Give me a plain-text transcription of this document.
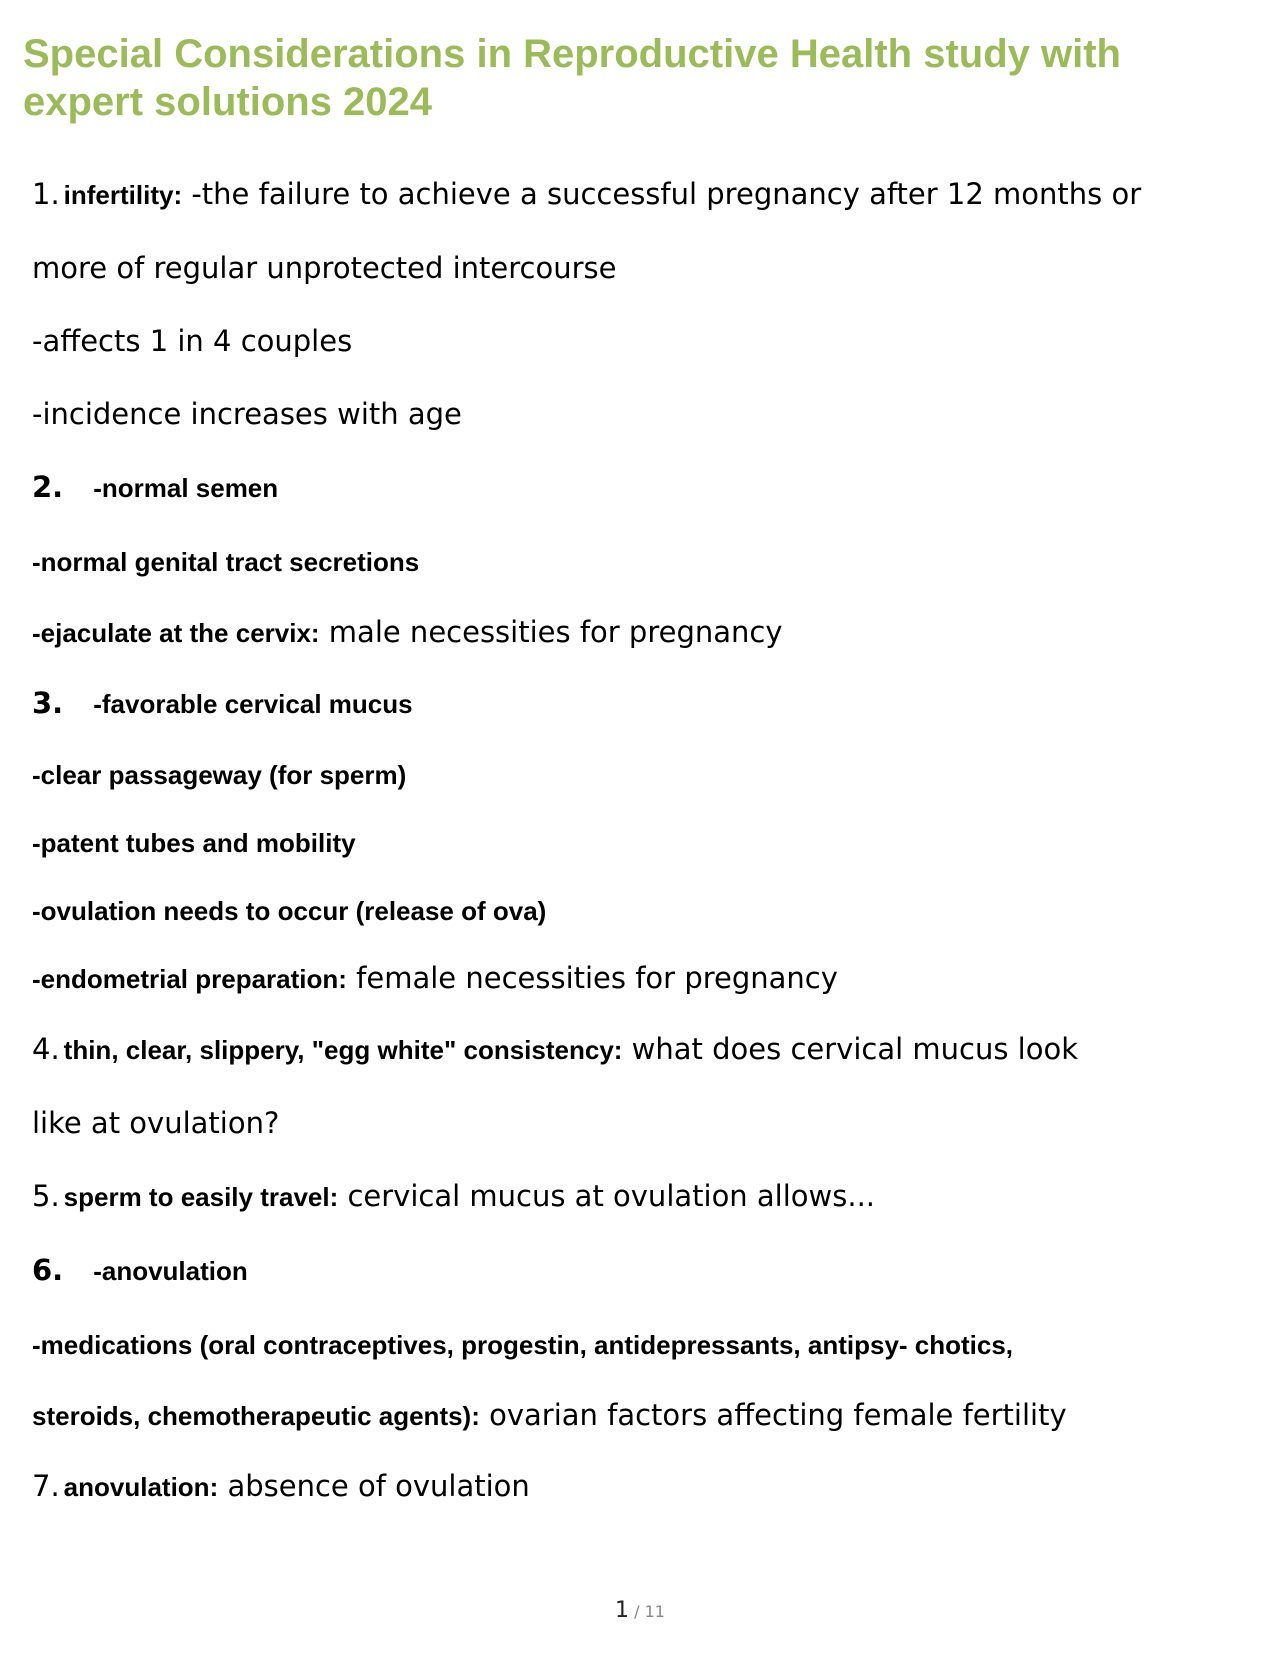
Special Considerations in Reproductive Health study with expert solutions 2024

1. infertility: -the failure to achieve a successful pregnancy after 12 months or

more of regular unprotected intercourse

-affects 1 in 4 couples

-incidence increases with age

2. -normal semen

-normal genital tract secretions

-ejaculate at the cervix: male necessities for pregnancy

3. -favorable cervical mucus

-clear passageway (for sperm)

-patent tubes and mobility

-ovulation needs to occur (release of ova)

-endometrial preparation: female necessities for pregnancy

4. thin, clear, slippery, "egg white" consistency: what does cervical mucus look

like at ovulation?

5. sperm to easily travel: cervical mucus at ovulation allows...

6. -anovulation

-medications (oral contraceptives, progestin, antidepressants, antipsy- chotics,

steroids, chemotherapeutic agents): ovarian factors affecting female fertility

7. anovulation: absence of ovulation

1 / 11
